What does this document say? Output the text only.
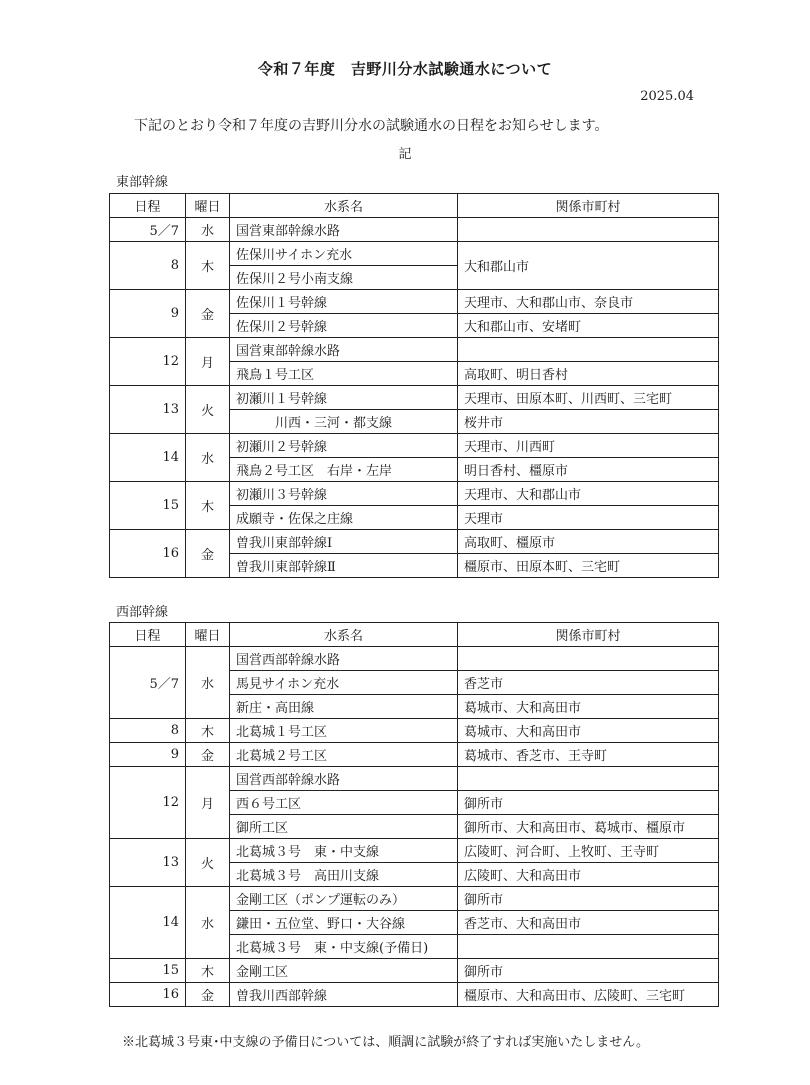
令和７年度　吉野川分水試験通水について
2025.04
下記のとおり令和７年度の吉野川分水の試験通水の日程をお知らせします。
記
東部幹線
日程	曜日	水系名	関係市町村
5／7	水	国営東部幹線水路	
8	木	佐保川サイホン充水	大和郡山市
		佐保川２号小南支線	
9	金	佐保川１号幹線	天理市、大和郡山市、奈良市
		佐保川２号幹線	大和郡山市、安堵町
12	月	国営東部幹線水路	
		飛鳥１号工区	高取町、明日香村
13	火	初瀬川１号幹線	天理市、田原本町、川西町、三宅町
		　　　川西・三河・都支線	桜井市
14	水	初瀬川２号幹線	天理市、川西町
		飛鳥２号工区　右岸・左岸	明日香村、橿原市
15	木	初瀬川３号幹線	天理市、大和郡山市
		成願寺・佐保之庄線	天理市
16	金	曽我川東部幹線Ⅰ	高取町、橿原市
		曽我川東部幹線Ⅱ	橿原市、田原本町、三宅町
西部幹線
日程	曜日	水系名	関係市町村
5／7	水	国営西部幹線水路	
		馬見サイホン充水	香芝市
		新庄・高田線	葛城市、大和高田市
8	木	北葛城１号工区	葛城市、大和高田市
9	金	北葛城２号工区	葛城市、香芝市、王寺町
12	月	国営西部幹線水路	
		西６号工区	御所市
		御所工区	御所市、大和高田市、葛城市、橿原市
13	火	北葛城３号　東・中支線	広陵町、河合町、上牧町、王寺町
		北葛城３号　高田川支線	広陵町、大和高田市
14	水	金剛工区（ポンプ運転のみ）	御所市
		鎌田・五位堂、野口・大谷線	香芝市、大和高田市
		北葛城３号　東・中支線(予備日)	
15	木	金剛工区	御所市
16	金	曽我川西部幹線	橿原市、大和高田市、広陵町、三宅町
※北葛城３号東･中支線の予備日については、順調に試験が終了すれば実施いたしません。
